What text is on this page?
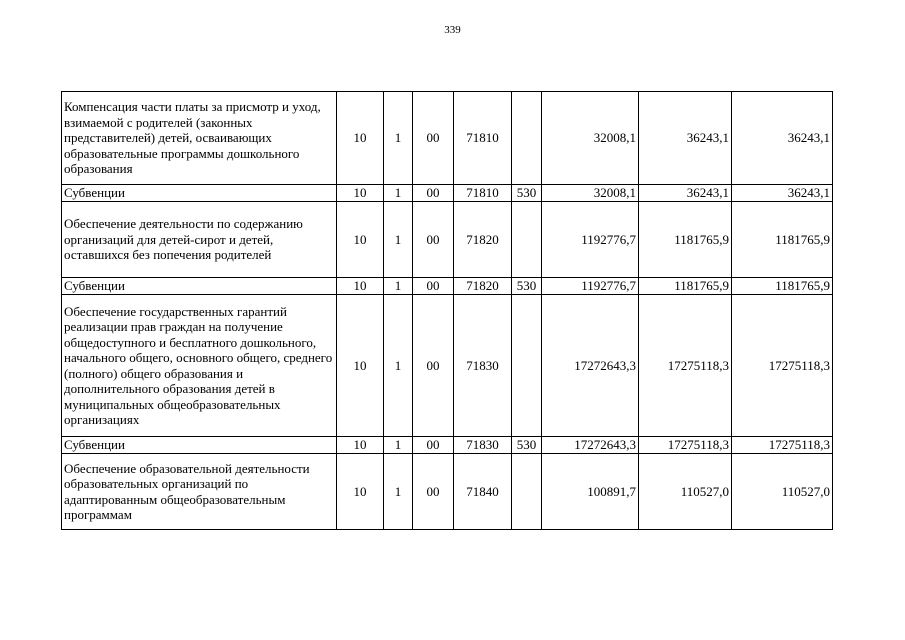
339
Компенсация части платы за присмотр и уход, взимаемой с родителей (законных представителей) детей, осваивающих образовательные программы дошкольного образования	10	1	00	71810		32008,1	36243,1	36243,1
Субвенции	10	1	00	71810	530	32008,1	36243,1	36243,1
Обеспечение деятельности по содержанию организаций для детей-сирот и детей, оставшихся без попечения родителей	10	1	00	71820		1192776,7	1181765,9	1181765,9
Субвенции	10	1	00	71820	530	1192776,7	1181765,9	1181765,9
Обеспечение государственных гарантий реализации прав граждан на получение общедоступного и бесплатного дошкольного, начального общего, основного общего, среднего (полного) общего образования и дополнительного образования детей в муниципальных общеобразовательных организациях	10	1	00	71830		17272643,3	17275118,3	17275118,3
Субвенции	10	1	00	71830	530	17272643,3	17275118,3	17275118,3
Обеспечение образовательной деятельности образовательных организаций по адаптированным общеобразовательным программам	10	1	00	71840		100891,7	110527,0	110527,0
